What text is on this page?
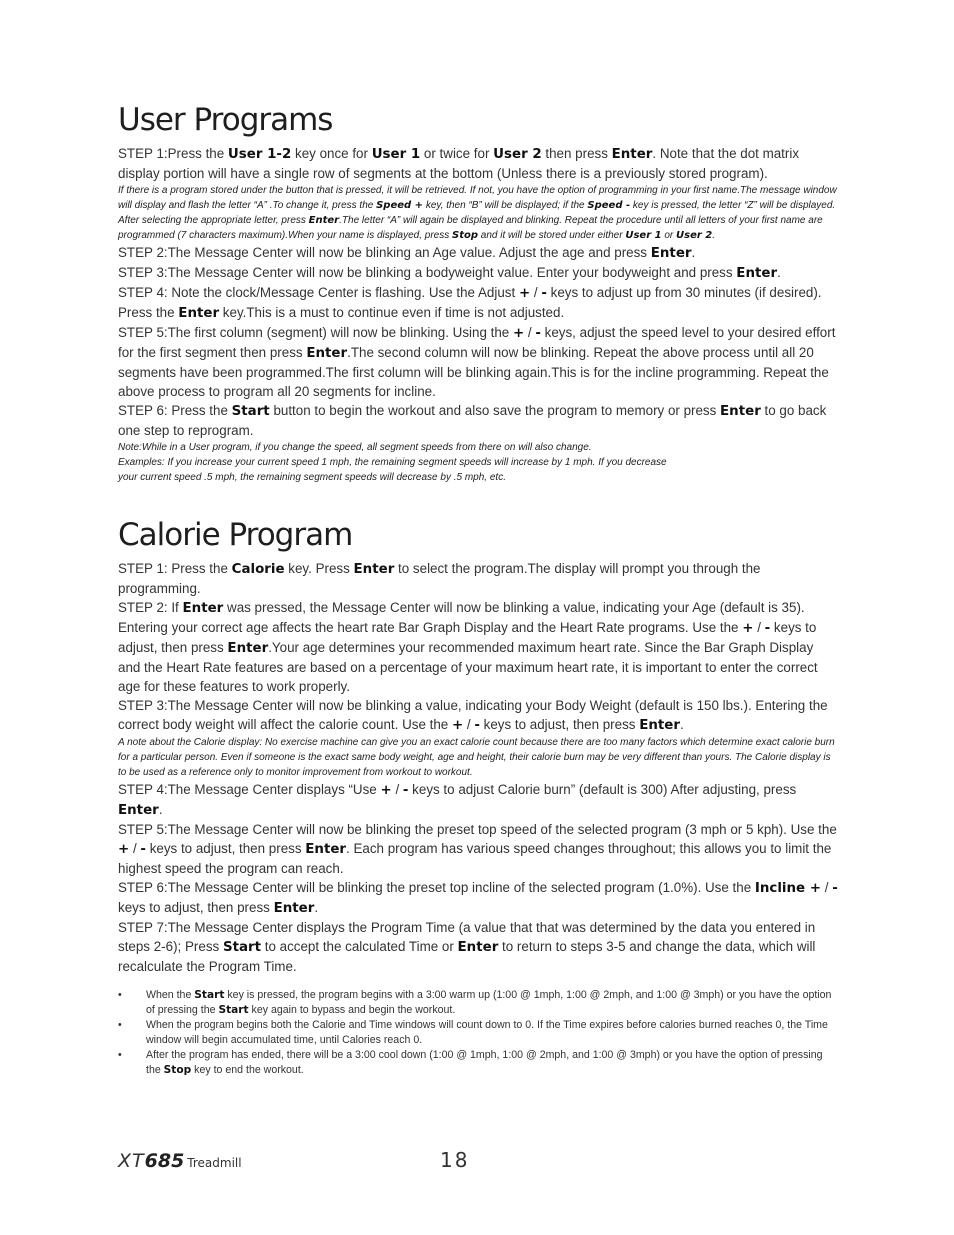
User Programs

STEP 1:Press the User 1-2 key once for User 1 or twice for User 2 then press Enter. Note that the dot matrix display portion will have a single row of segments at the bottom (Unless there is a previously stored program).

If there is a program stored under the button that is pressed, it will be retrieved. If not, you have the option of programming in your first name.The message window will display and flash the letter “A” .To change it, press the Speed + key, then “B” will be displayed; if the Speed - key is pressed, the letter “Z” will be displayed. After selecting the appropriate letter, press Enter.The letter “A” will again be displayed and blinking. Repeat the procedure until all letters of your first name are programmed (7 characters maximum).When your name is displayed, press Stop and it will be stored under either User 1 or User 2.

STEP 2:The Message Center will now be blinking an Age value. Adjust the age and press Enter.

STEP 3:The Message Center will now be blinking a bodyweight value. Enter your bodyweight and press Enter.

STEP 4: Note the clock/Message Center is flashing. Use the Adjust + / - keys to adjust up from 30 minutes (if desired). Press the Enter key.This is a must to continue even if time is not adjusted.

STEP 5:The first column (segment) will now be blinking. Using the + / - keys, adjust the speed level to your desired effort for the first segment then press Enter.The second column will now be blinking. Repeat the above process until all 20 segments have been programmed.The first column will be blinking again.This is for the incline programming. Repeat the above process to program all 20 segments for incline.

STEP 6: Press the Start button to begin the workout and also save the program to memory or press Enter to go back one step to reprogram.

Note:While in a User program, if you change the speed, all segment speeds from there on will also change.

Examples: If you increase your current speed 1 mph, the remaining segment speeds will increase by 1 mph. If you decrease

your current speed .5 mph, the remaining segment speeds will decrease by .5 mph, etc.

Calorie Program

STEP 1: Press the Calorie key. Press Enter to select the program.The display will prompt you through the programming.

STEP 2: If Enter was pressed, the Message Center will now be blinking a value, indicating your Age (default is 35). Entering your correct age affects the heart rate Bar Graph Display and the Heart Rate programs. Use the + / - keys to adjust, then press Enter.Your age determines your recommended maximum heart rate. Since the Bar Graph Display and the Heart Rate features are based on a percentage of your maximum heart rate, it is important to enter the correct age for these features to work properly.

STEP 3:The Message Center will now be blinking a value, indicating your Body Weight (default is 150 lbs.). Entering the correct body weight will affect the calorie count. Use the + / - keys to adjust, then press Enter.

A note about the Calorie display: No exercise machine can give you an exact calorie count because there are too many factors which determine exact calorie burn for a particular person. Even if someone is the exact same body weight, age and height, their calorie burn may be very different than yours. The Calorie display is to be used as a reference only to monitor improvement from workout to workout.

STEP 4:The Message Center displays “Use + / - keys to adjust Calorie burn” (default is 300) After adjusting, press Enter.

STEP 5:The Message Center will now be blinking the preset top speed of the selected program (3 mph or 5 kph). Use the + / - keys to adjust, then press Enter. Each program has various speed changes throughout; this allows you to limit the highest speed the program can reach.

STEP 6:The Message Center will be blinking the preset top incline of the selected program (1.0%). Use the Incline + / - keys to adjust, then press Enter.

STEP 7:The Message Center displays the Program Time (a value that that was determined by the data you entered in steps 2-6); Press Start to accept the calculated Time or Enter to return to steps 3-5 and change the data, which will recalculate the Program Time.

• When the Start key is pressed, the program begins with a 3:00 warm up (1:00 @ 1mph, 1:00 @ 2mph, and 1:00 @ 3mph) or you have the option of pressing the Start key again to bypass and begin the workout.
• When the program begins both the Calorie and Time windows will count down to 0. If the Time expires before calories burned reaches 0, the Time window will begin accumulated time, until Calories reach 0.
• After the program has ended, there will be a 3:00 cool down (1:00 @ 1mph, 1:00 @ 2mph, and 1:00 @ 3mph) or you have the option of pressing the Stop key to end the workout.
XT685 Treadmill	18
